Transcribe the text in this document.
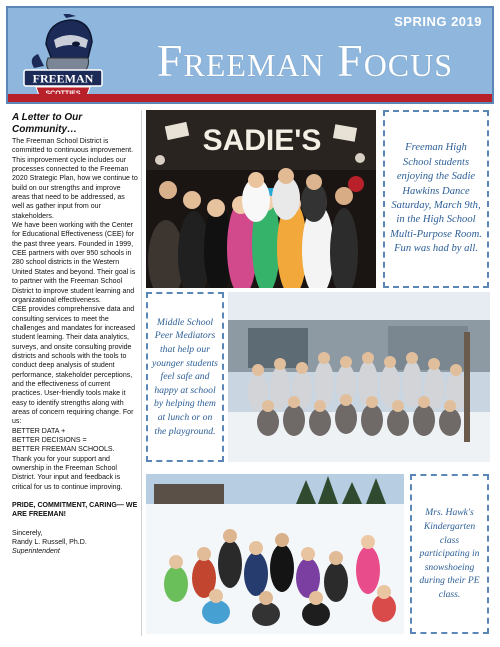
FREEMAN
SPRING 2019
Freeman Focus
A Letter to Our Community…

The Freeman School District is committed to continuous improvement. This improvement cycle includes our processes connected to the Freeman 2020 Strategic Plan, how we continue to build on our strengths and improve areas that need to be addressed, as well as gather input from our stakeholders.

We have been working with the Center for Educational Effectiveness (CEE) for the past three years. Founded in 1999, CEE partners with over 950 schools in 280 school districts in the Western United States and beyond. Their goal is to partner with the Freeman School District to improve student learning and organizational effectiveness.

CEE provides comprehensive data and consulting services to meet the challenges and mandates for increased student learning. Their data analytics, surveys, and onsite consulting provide districts and schools with the tools to conduct deep analysis of student performance, stakeholder perceptions, and the effectiveness of current practices. User-friendly tools make it easy to identify strengths along with areas of concern requiring change. For us:

BETTER DATA +

BETTER DECISIONS =

BETTER FREEMAN SCHOOLS.

Thank you for your support and ownership in the Freeman School District. Your input and feedback is critical for us to continue improving.

PRIDE, COMMITMENT, CARING— WE ARE FREEMAN!

Sincerely,

Randy L. Russell, Ph.D.

Superintendent

SADIE'S	Freeman High School students enjoying the Sadie Hawkins Dance Saturday, March 9th, in the High School Multi-Purpose Room. Fun was had by all.
Middle School Peer Mediators that help our younger students feel safe and happy at school by helping them at lunch or on the playground.
Mrs. Hawk's Kindergarten class participating in snowshoeing during their PE class.
